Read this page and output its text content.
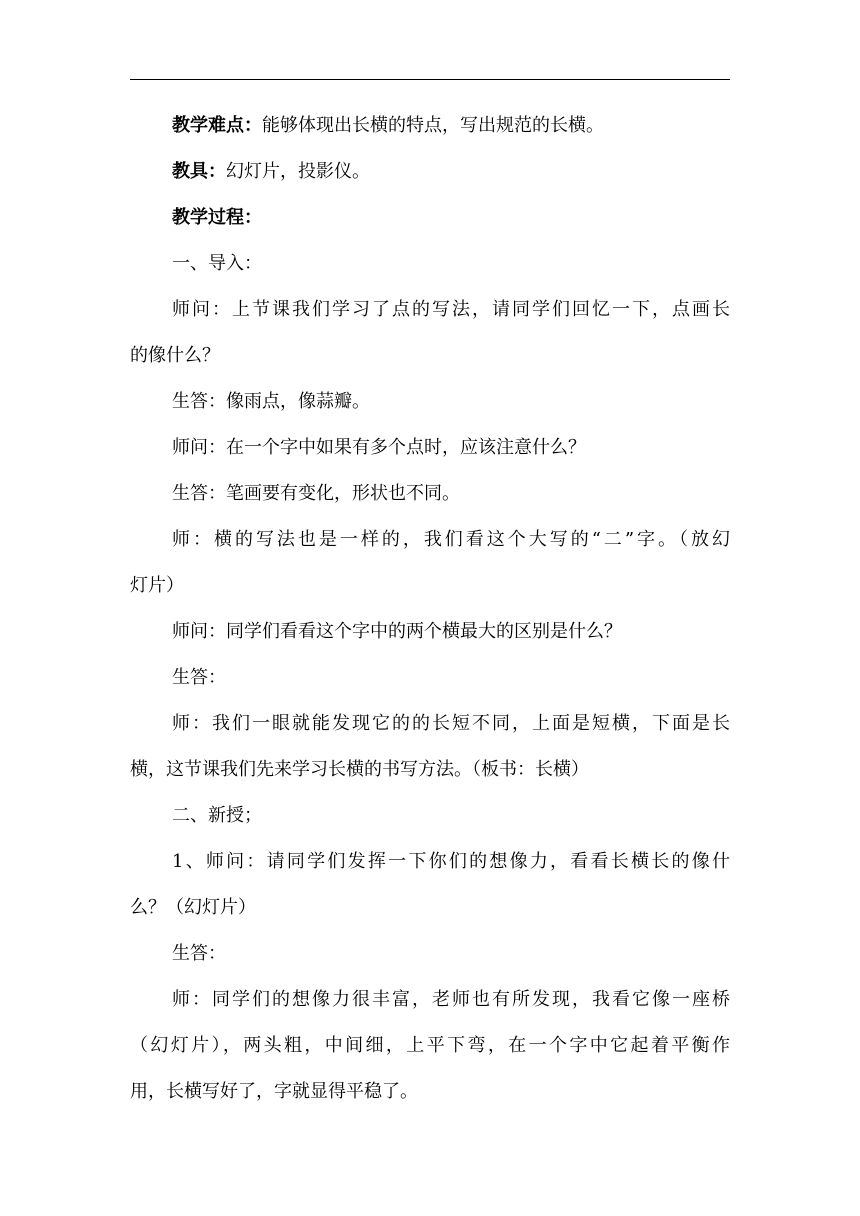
教学难点：能够体现出长横的特点，写出规范的长横。
教具：幻灯片，投影仪。
教学过程：
一、导入：
师问：上节课我们学习了点的写法，请同学们回忆一下，点画长
的像什么？
生答：像雨点，像蒜瓣。
师问：在一个字中如果有多个点时，应该注意什么？
生答：笔画要有变化，形状也不同。
师：横的写法也是一样的，我们看这个大写的“二”字。（放幻
灯片）
师问：同学们看看这个字中的两个横最大的区别是什么？
生答：
师：我们一眼就能发现它的的长短不同，上面是短横，下面是长
横，这节课我们先来学习长横的书写方法。（板书：长横）
二、新授；
1、师问：请同学们发挥一下你们的想像力，看看长横长的像什
么？（幻灯片）
生答：
师：同学们的想像力很丰富，老师也有所发现，我看它像一座桥
（幻灯片），两头粗，中间细，上平下弯，在一个字中它起着平衡作
用，长横写好了，字就显得平稳了。
